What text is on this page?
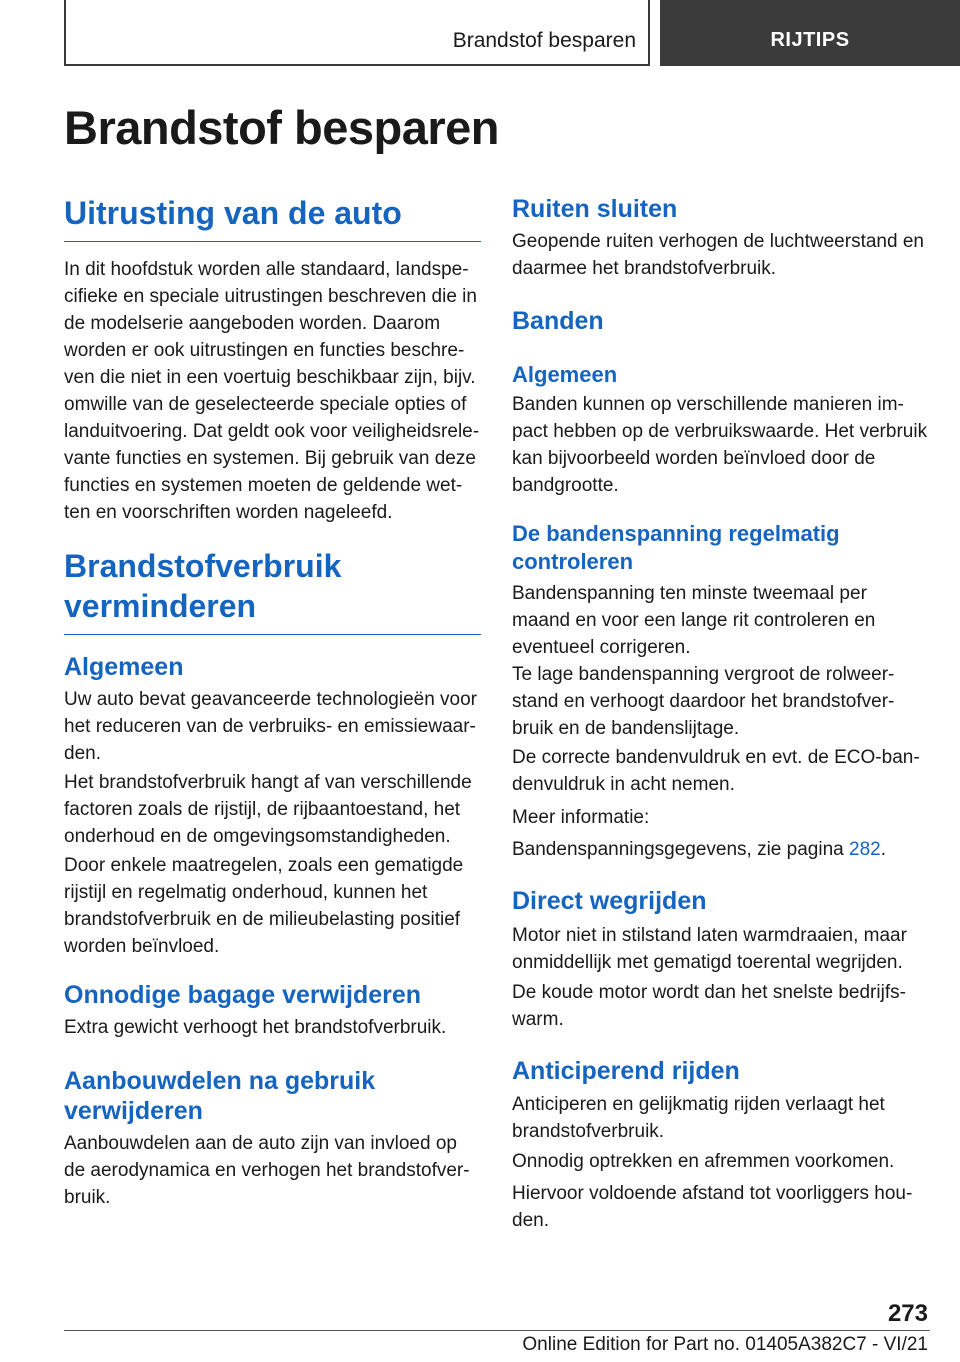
Brandstof besparen	RIJTIPS
Brandstof besparen
Uitrusting van de auto
In dit hoofdstuk worden alle standaard, landspe-cifieke en speciale uitrustingen beschreven die in de modelserie aangeboden worden. Daarom worden er ook uitrustingen en functies beschre-ven die niet in een voertuig beschikbaar zijn, bijv. omwille van de geselecteerde speciale opties of landuitvoering. Dat geldt ook voor veiligheidsrele-vante functies en systemen. Bij gebruik van deze functies en systemen moeten de geldende wet-ten en voorschriften worden nageleefd.
Brandstofverbruik
verminderen
Algemeen
Uw auto bevat geavanceerde technologieën voor het reduceren van de verbruiks- en emissiewaar-den.
Het brandstofverbruik hangt af van verschillende factoren zoals de rijstijl, de rijbaantoestand, het onderhoud en de omgevingsomstandigheden.
Door enkele maatregelen, zoals een gematigde rijstijl en regelmatig onderhoud, kunnen het brandstofverbruik en de milieubelasting positief worden beïnvloed.
Onnodige bagage verwijderen
Extra gewicht verhoogt het brandstofverbruik.
Aanbouwdelen na gebruik
verwijderen
Aanbouwdelen aan de auto zijn van invloed op de aerodynamica en verhogen het brandstofver-bruik.
Ruiten sluiten
Geopende ruiten verhogen de luchtweerstand en daarmee het brandstofverbruik.
Banden
Algemeen
Banden kunnen op verschillende manieren im-pact hebben op de verbruikswaarde. Het verbruik kan bijvoorbeeld worden beïnvloed door de bandgrootte.
De bandenspanning regelmatig
controleren
Bandenspanning ten minste tweemaal per maand en voor een lange rit controleren en eventueel corrigeren.
Te lage bandenspanning vergroot de rolweer-stand en verhoogt daardoor het brandstofver-bruik en de bandenslijtage.
De correcte bandenvuldruk en evt. de ECO-ban-denvuldruk in acht nemen.
Meer informatie:
Bandenspanningsgegevens, zie pagina 282.
Direct wegrijden
Motor niet in stilstand laten warmdraaien, maar onmiddellijk met gematigd toerental wegrijden.
De koude motor wordt dan het snelste bedrijfs-warm.
Anticiperend rijden
Anticiperen en gelijkmatig rijden verlaagt het brandstofverbruik.
Onnodig optrekken en afremmen voorkomen.
Hiervoor voldoende afstand tot voorliggers hou-den.
273
Online Edition for Part no. 01405A382C7 - VI/21
